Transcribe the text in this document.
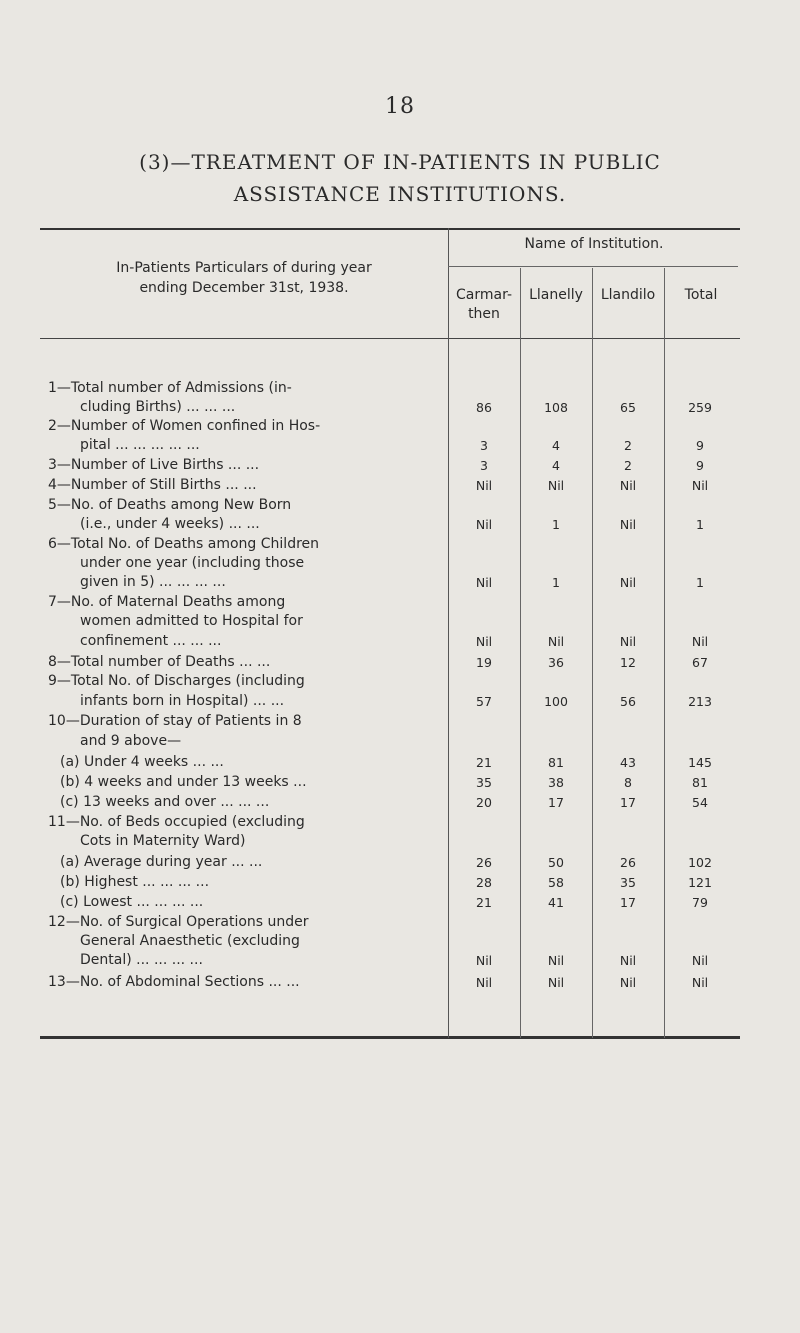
18
(3)—TREATMENT OF IN-PATIENTS IN PUBLIC
ASSISTANCE INSTITUTIONS.
In-Patients Particulars of during year
ending December 31st, 1938.
Name of Institution.
Carmar-
then
Llanelly	Llandilo	Total
1—Total number of Admissions (in-
cluding Births) ... ... ...	86	108	65	259
2—Number of Women confined in Hos-
pital ... ... ... ... ...	3	4	2	9
3—Number of Live Births ... ...	3	4	2	9
4—Number of Still Births ... ...	Nil	Nil	Nil	Nil
5—No. of Deaths among New Born
(i.e., under 4 weeks) ... ...	Nil	1	Nil	1
6—Total No. of Deaths among Children
under one year (including those
given in 5) ... ... ... ...	Nil	1	Nil	1
7—No. of Maternal Deaths among
women admitted to Hospital for
confinement ... ... ...	Nil	Nil	Nil	Nil
8—Total number of Deaths ... ...	19	36	12	67
9—Total No. of Discharges (including
infants born in Hospital) ... ...	57	100	56	213
10—Duration of stay of Patients in 8
and 9 above—
(a) Under 4 weeks ... ...	21	81	43	145
(b) 4 weeks and under 13 weeks ...	35	38	8	81
(c) 13 weeks and over ... ... ...	20	17	17	54
11—No. of Beds occupied (excluding
Cots in Maternity Ward)
(a) Average during year ... ...	26	50	26	102
(b) Highest ... ... ... ...	28	58	35	121
(c) Lowest ... ... ... ...	21	41	17	79
12—No. of Surgical Operations under
General Anaesthetic (excluding
Dental) ... ... ... ...	Nil	Nil	Nil	Nil
13—No. of Abdominal Sections ... ...	Nil	Nil	Nil	Nil
